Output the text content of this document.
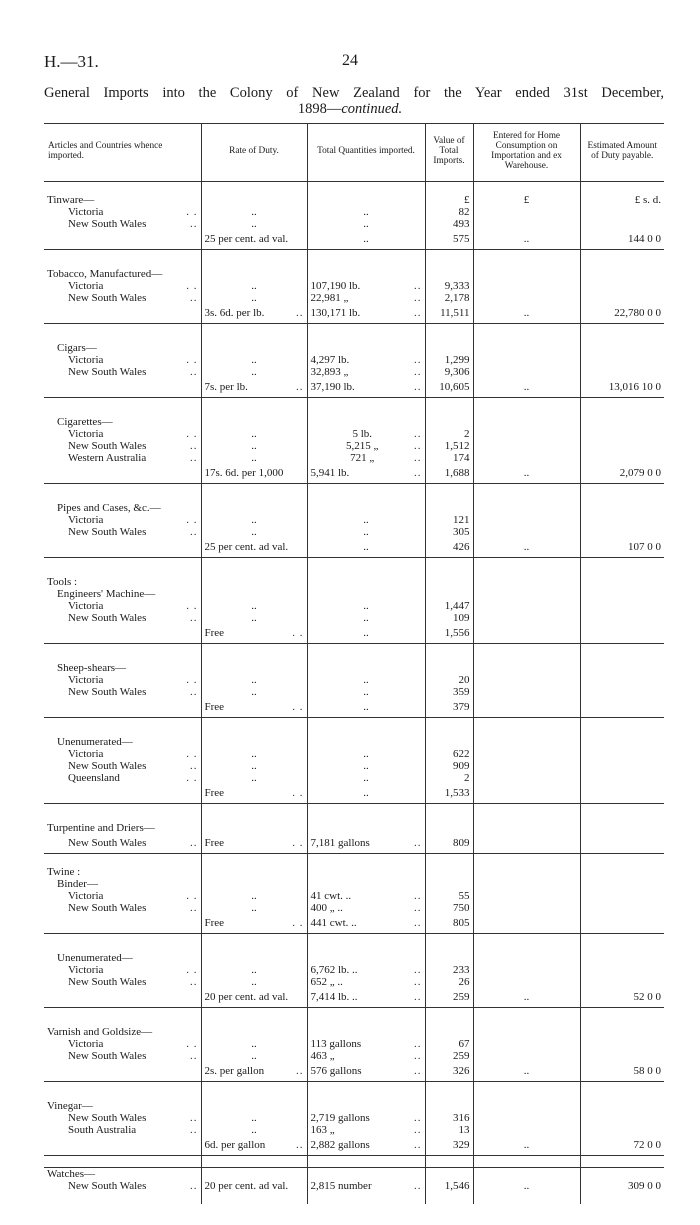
H.—31.	24
General Imports into the Colony of New Zealand for the Year ended 31st December,
1898—continued.
Articles and Countries whence imported.	Rate of Duty.	Total Quantities imported.	Value of Total Imports.	Entered for Home Consumption on Importation and ex Warehouse.	Estimated Amount of Duty payable.

Tinware—			£	£	£ s. d.
Victoria . .	..	..	82		
New South Wales ..	..	..	493		
	25 per cent. ad val.	..	575	..	144 0 0

Tobacco, Manufactured—					
Victoria . .	..	107,190 lb. ..	9,333		
New South Wales ..	..	22,981 „ ..	2,178		
	3s. 6d. per lb. ..	130,171 lb. ..	11,511	..	22,780 0 0

Cigars—					
Victoria . .	..	4,297 lb. ..	1,299		
New South Wales ..	..	32,893 „ ..	9,306		
	7s. per lb. ..	37,190 lb. ..	10,605	..	13,016 10 0

Cigarettes—					
Victoria . .	..	5 lb. ..	2		
New South Wales ..	..	5,215 „ ..	1,512		
Western Australia ..	..	721 „ ..	174		
	17s. 6d. per 1,000	5,941 lb. ..	1,688	..	2,079 0 0

Pipes and Cases, &c.—					
Victoria . .	..	..	121		
New South Wales ..	..	..	305		
	25 per cent. ad val.	..	426	..	107 0 0

Tools :					
Engineers' Machine—					
Victoria . .	..	..	1,447		
New South Wales ..	..	..	109		
	Free . .	..	1,556		

Sheep-shears—					
Victoria . .	..	..	20		
New South Wales ..	..	..	359		
	Free . .	..	379		

Unenumerated—					
Victoria . .	..	..	622		
New South Wales ..	..	..	909		
Queensland . .	..	..	2		
	Free . .	..	1,533		

Turpentine and Driers—					
New South Wales ..	Free . .	7,181 gallons ..	809		

Twine :					
Binder—					
Victoria . .	..	41 cwt. .. ..	55		
New South Wales ..	..	400 „ .. ..	750		
	Free . .	441 cwt. .. ..	805		

Unenumerated—					
Victoria . .	..	6,762 lb. .. ..	233		
New South Wales ..	..	652 „ .. ..	26		
	20 per cent. ad val.	7,414 lb. .. ..	259	..	52 0 0

Varnish and Goldsize—					
Victoria . .	..	113 gallons ..	67		
New South Wales ..	..	463 „ ..	259		
	2s. per gallon ..	576 gallons ..	326	..	58 0 0

Vinegar—					
New South Wales ..	..	2,719 gallons ..	316		
South Australia ..	..	163 „ ..	13		
	6d. per gallon ..	2,882 gallons ..	329	..	72 0 0

Watches—					
New South Wales ..	20 per cent. ad val.	2,815 number ..	1,546	..	309 0 0
